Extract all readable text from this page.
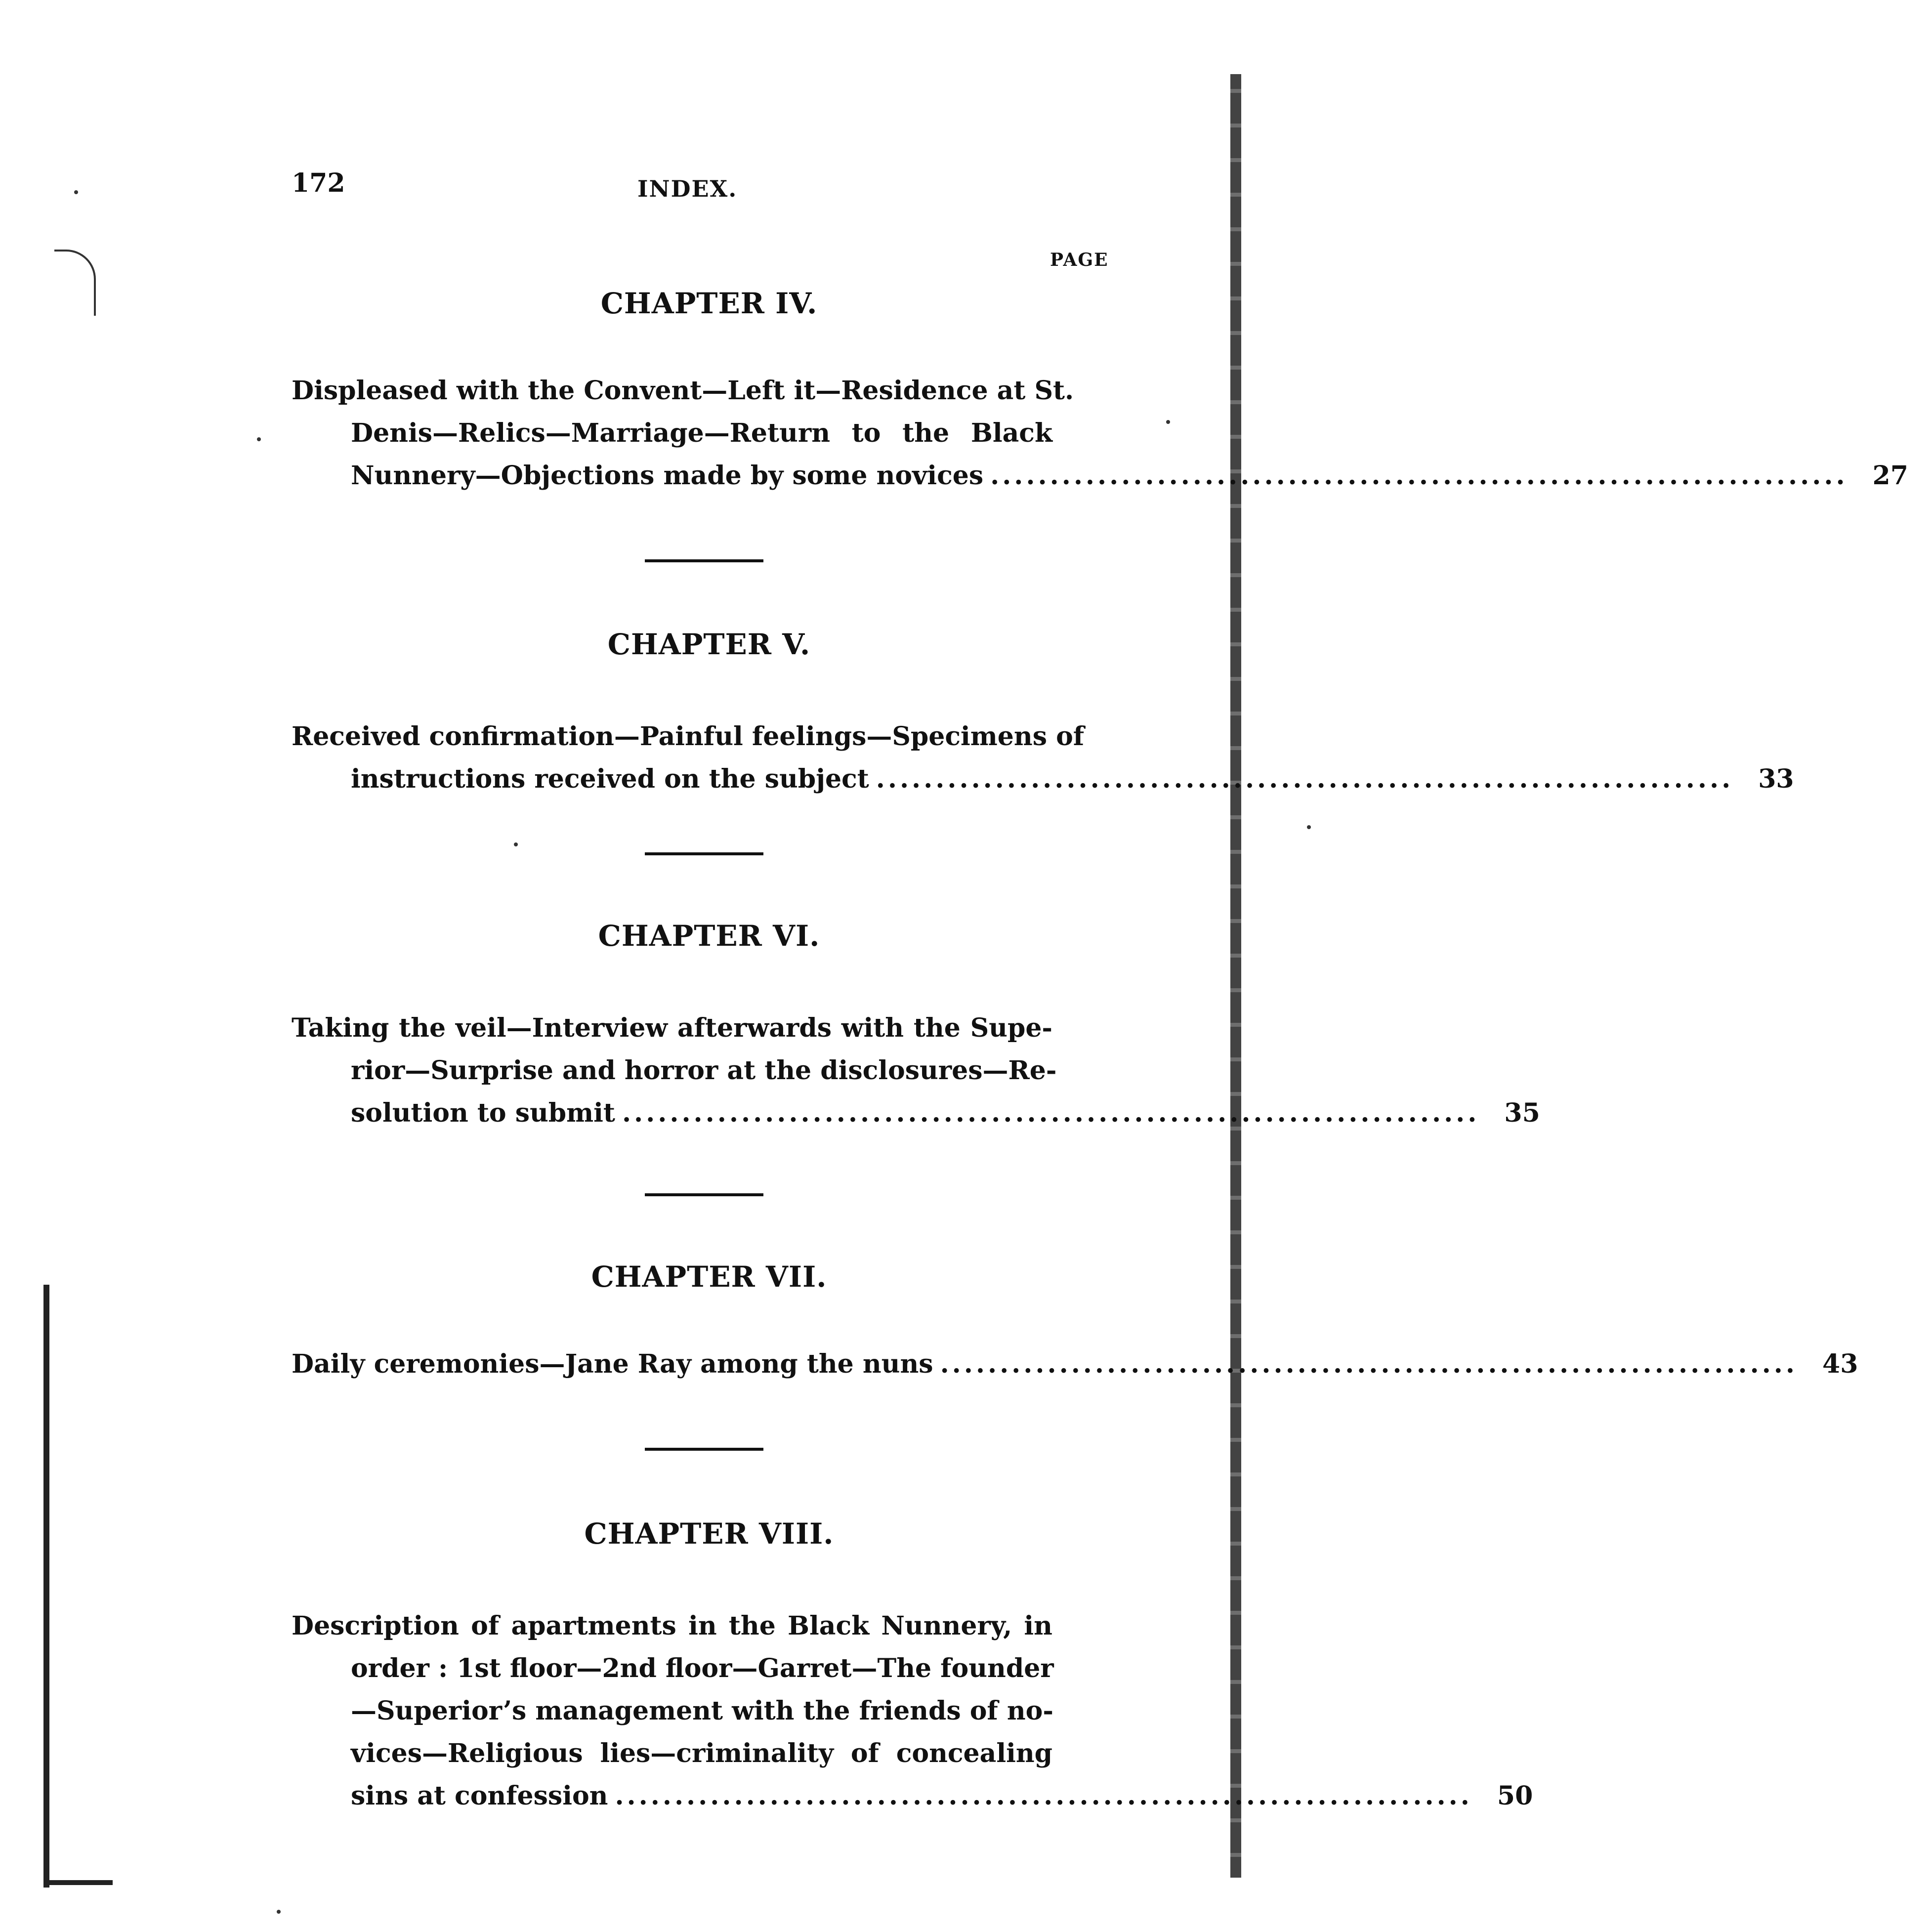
172	INDEX.
PAGE
CHAPTER IV.
Displeased with the Convent—Left it—Residence at St.
Denis—Relics—Marriage—Return to the Black
Nunnery—Objections made by some novices ........................................................................ 27
CHAPTER V.
Received confirmation—Painful feelings—Specimens of
instructions received on the subject ........................................................................ 33
CHAPTER VI.
Taking the veil—Interview afterwards with the Supe-
rior—Surprise and horror at the disclosures—Re-
solution to submit ........................................................................ 35
CHAPTER VII.
Daily ceremonies—Jane Ray among the nuns ........................................................................ 43
CHAPTER VIII.
Description of apartments in the Black Nunnery, in
order : 1st floor—2nd floor—Garret—The founder
—Superior’s management with the friends of no-
vices—Religious lies—criminality of concealing
sins at confession ........................................................................ 50
